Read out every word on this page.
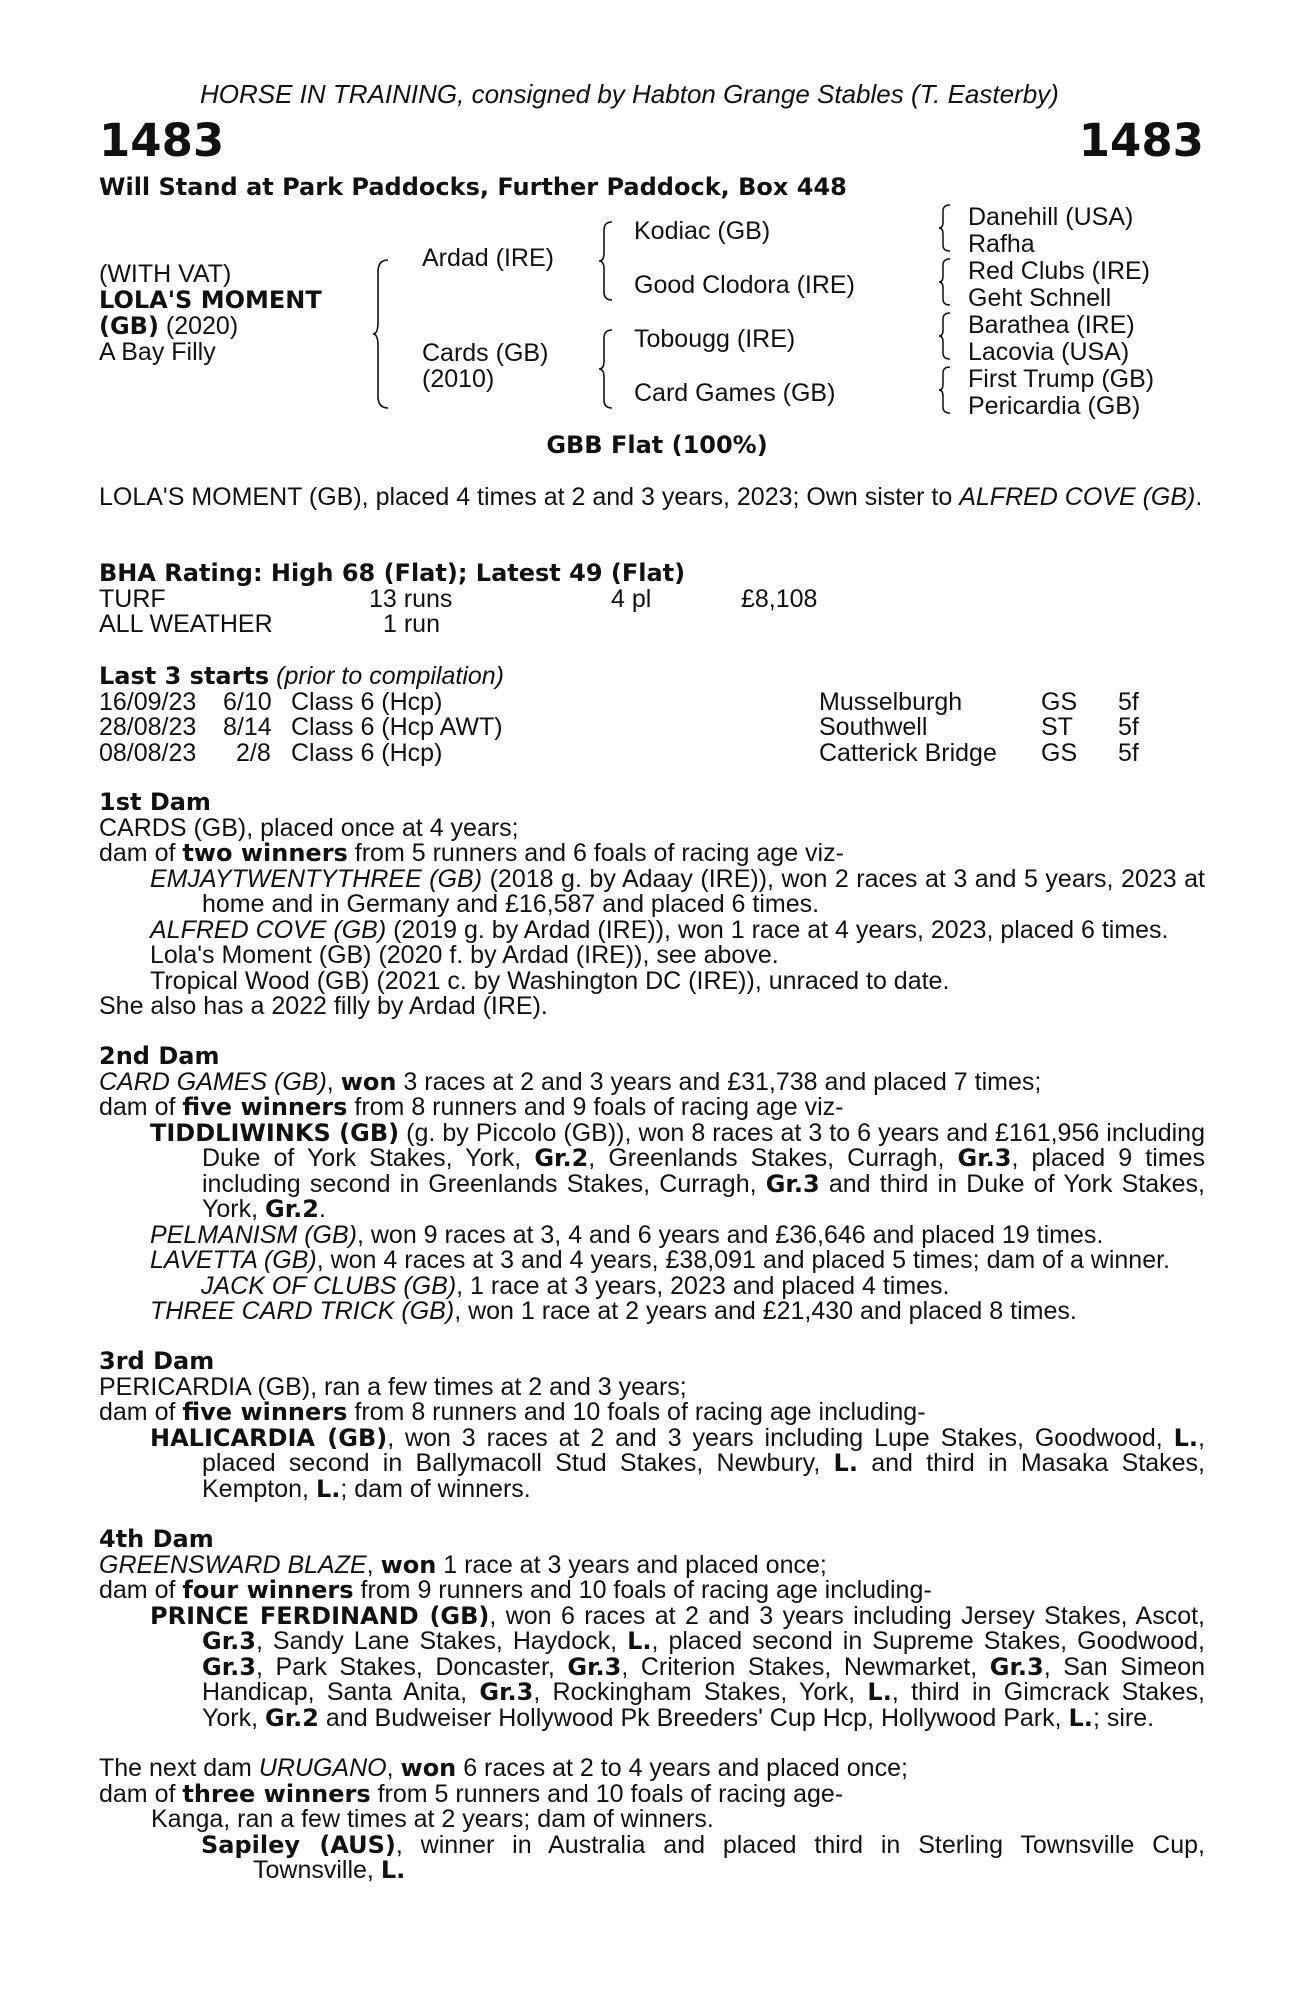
HORSE IN TRAINING, consigned by Habton Grange Stables (T. Easterby)
1483	1483
Will Stand at Park Paddocks, Further Paddock, Box 448
(WITH VAT)
LOLA'S MOMENT
(GB) (2020)
A Bay Filly
Ardad (IRE)
Cards (GB)
(2010)
Kodiac (GB)
Good Clodora (IRE)
Tobougg (IRE)
Card Games (GB)
Danehill (USA)
Rafha
Red Clubs (IRE)
Geht Schnell
Barathea (IRE)
Lacovia (USA)
First Trump (GB)
Pericardia (GB)
GBB Flat (100%)
LOLA'S MOMENT (GB), placed 4 times at 2 and 3 years, 2023; Own sister to ALFRED COVE (GB).
BHA Rating: High 68 (Flat); Latest 49 (Flat)
TURF	13 runs	4 pl	£8,108
ALL WEATHER	1 run
Last 3 starts (prior to compilation)
16/09/23 6/10 Class 6 (Hcp)	Musselburgh	GS 5f
28/08/23 8/14 Class 6 (Hcp AWT)	Southwell	ST 5f
08/08/23 2/8 Class 6 (Hcp)	Catterick Bridge GS 5f
1st Dam
CARDS (GB), placed once at 4 years;
dam of two winners from 5 runners and 6 foals of racing age viz-
EMJAYTWENTYTHREE (GB) (2018 g. by Adaay (IRE)), won 2 races at 3 and 5 years, 2023 at home and in Germany and £16,587 and placed 6 times.
ALFRED COVE (GB) (2019 g. by Ardad (IRE)), won 1 race at 4 years, 2023, placed 6 times.
Lola's Moment (GB) (2020 f. by Ardad (IRE)), see above.
Tropical Wood (GB) (2021 c. by Washington DC (IRE)), unraced to date.
She also has a 2022 filly by Ardad (IRE).
2nd Dam
CARD GAMES (GB), won 3 races at 2 and 3 years and £31,738 and placed 7 times;
dam of five winners from 8 runners and 9 foals of racing age viz-
TIDDLIWINKS (GB) (g. by Piccolo (GB)), won 8 races at 3 to 6 years and £161,956 including Duke of York Stakes, York, Gr.2, Greenlands Stakes, Curragh, Gr.3, placed 9 times including second in Greenlands Stakes, Curragh, Gr.3 and third in Duke of York Stakes, York, Gr.2.
PELMANISM (GB), won 9 races at 3, 4 and 6 years and £36,646 and placed 19 times.
LAVETTA (GB), won 4 races at 3 and 4 years, £38,091 and placed 5 times; dam of a winner.
JACK OF CLUBS (GB), 1 race at 3 years, 2023 and placed 4 times.
THREE CARD TRICK (GB), won 1 race at 2 years and £21,430 and placed 8 times.
3rd Dam
PERICARDIA (GB), ran a few times at 2 and 3 years;
dam of five winners from 8 runners and 10 foals of racing age including-
HALICARDIA (GB), won 3 races at 2 and 3 years including Lupe Stakes, Goodwood, L., placed second in Ballymacoll Stud Stakes, Newbury, L. and third in Masaka Stakes, Kempton, L.; dam of winners.
4th Dam
GREENSWARD BLAZE, won 1 race at 3 years and placed once;
dam of four winners from 9 runners and 10 foals of racing age including-
PRINCE FERDINAND (GB), won 6 races at 2 and 3 years including Jersey Stakes, Ascot, Gr.3, Sandy Lane Stakes, Haydock, L., placed second in Supreme Stakes, Goodwood, Gr.3, Park Stakes, Doncaster, Gr.3, Criterion Stakes, Newmarket, Gr.3, San Simeon Handicap, Santa Anita, Gr.3, Rockingham Stakes, York, L., third in Gimcrack Stakes, York, Gr.2 and Budweiser Hollywood Pk Breeders' Cup Hcp, Hollywood Park, L.; sire.
The next dam URUGANO, won 6 races at 2 to 4 years and placed once;
dam of three winners from 5 runners and 10 foals of racing age-
Kanga, ran a few times at 2 years; dam of winners.
Sapiley (AUS), winner in Australia and placed third in Sterling Townsville Cup, Townsville, L.
